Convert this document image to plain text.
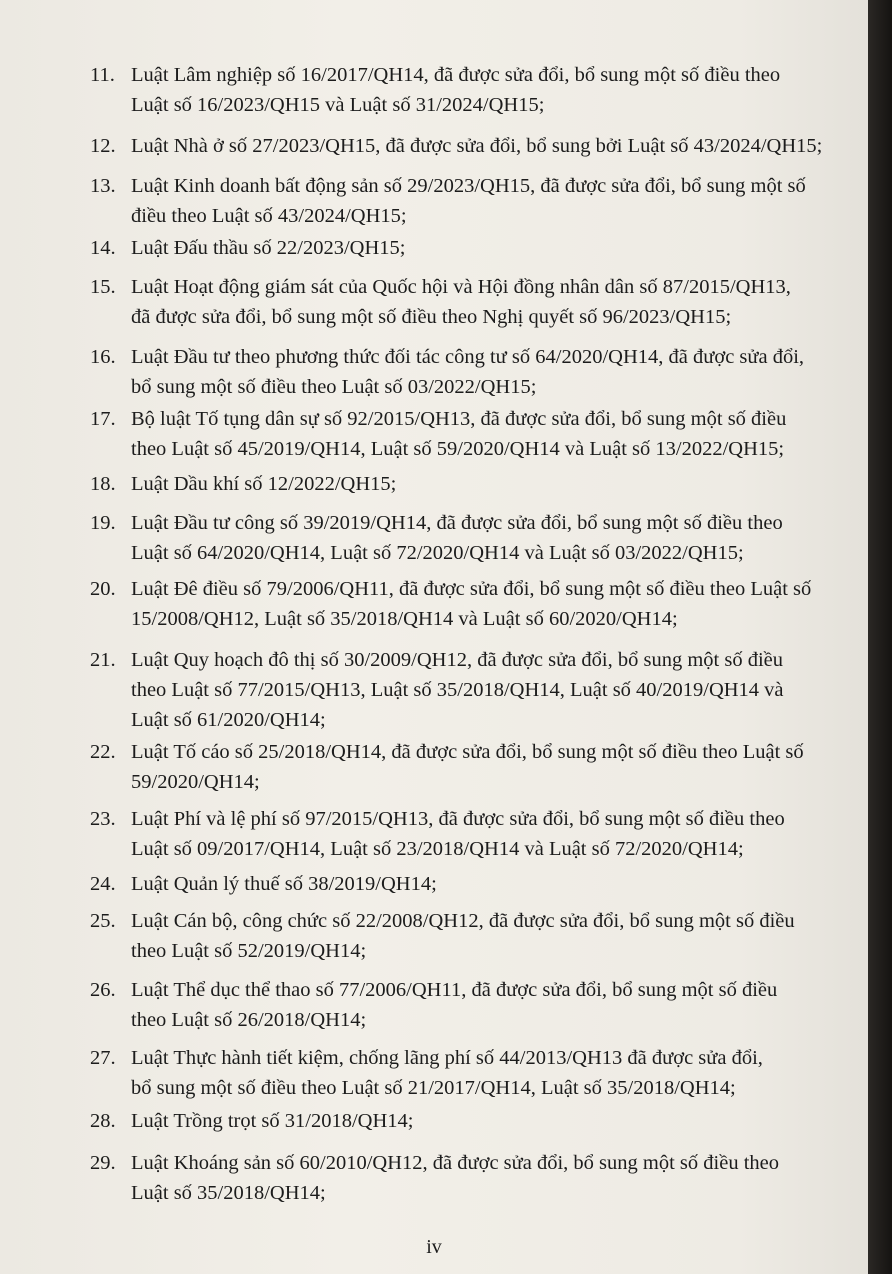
11. Luật Lâm nghiệp số 16/2017/QH14, đã được sửa đổi, bổ sung một số điều theo
Luật số 16/2023/QH15 và Luật số 31/2024/QH15;
12. Luật Nhà ở số 27/2023/QH15, đã được sửa đổi, bổ sung bởi Luật số 43/2024/QH15;
13. Luật Kinh doanh bất động sản số 29/2023/QH15, đã được sửa đổi, bổ sung một số
điều theo Luật số 43/2024/QH15;
14. Luật Đấu thầu số 22/2023/QH15;
15. Luật Hoạt động giám sát của Quốc hội và Hội đồng nhân dân số 87/2015/QH13,
đã được sửa đổi, bổ sung một số điều theo Nghị quyết số 96/2023/QH15;
16. Luật Đầu tư theo phương thức đối tác công tư số 64/2020/QH14, đã được sửa đổi,
bổ sung một số điều theo Luật số 03/2022/QH15;
17. Bộ luật Tố tụng dân sự số 92/2015/QH13, đã được sửa đổi, bổ sung một số điều
theo Luật số 45/2019/QH14, Luật số 59/2020/QH14 và Luật số 13/2022/QH15;
18. Luật Dầu khí số 12/2022/QH15;
19. Luật Đầu tư công số 39/2019/QH14, đã được sửa đổi, bổ sung một số điều theo
Luật số 64/2020/QH14, Luật số 72/2020/QH14 và Luật số 03/2022/QH15;
20. Luật Đê điều số 79/2006/QH11, đã được sửa đổi, bổ sung một số điều theo Luật số
15/2008/QH12, Luật số 35/2018/QH14 và Luật số 60/2020/QH14;
21. Luật Quy hoạch đô thị số 30/2009/QH12, đã được sửa đổi, bổ sung một số điều
theo Luật số 77/2015/QH13, Luật số 35/2018/QH14, Luật số 40/2019/QH14 và
Luật số 61/2020/QH14;
22. Luật Tố cáo số 25/2018/QH14, đã được sửa đổi, bổ sung một số điều theo Luật số
59/2020/QH14;
23. Luật Phí và lệ phí số 97/2015/QH13, đã được sửa đổi, bổ sung một số điều theo
Luật số 09/2017/QH14, Luật số 23/2018/QH14 và Luật số 72/2020/QH14;
24. Luật Quản lý thuế số 38/2019/QH14;
25. Luật Cán bộ, công chức số 22/2008/QH12, đã được sửa đổi, bổ sung một số điều
theo Luật số 52/2019/QH14;
26. Luật Thể dục thể thao số 77/2006/QH11, đã được sửa đổi, bổ sung một số điều
theo Luật số 26/2018/QH14;
27. Luật Thực hành tiết kiệm, chống lãng phí số 44/2013/QH13 đã được sửa đổi,
bổ sung một số điều theo Luật số 21/2017/QH14, Luật số 35/2018/QH14;
28. Luật Trồng trọt số 31/2018/QH14;
29. Luật Khoáng sản số 60/2010/QH12, đã được sửa đổi, bổ sung một số điều theo
Luật số 35/2018/QH14;
iv
